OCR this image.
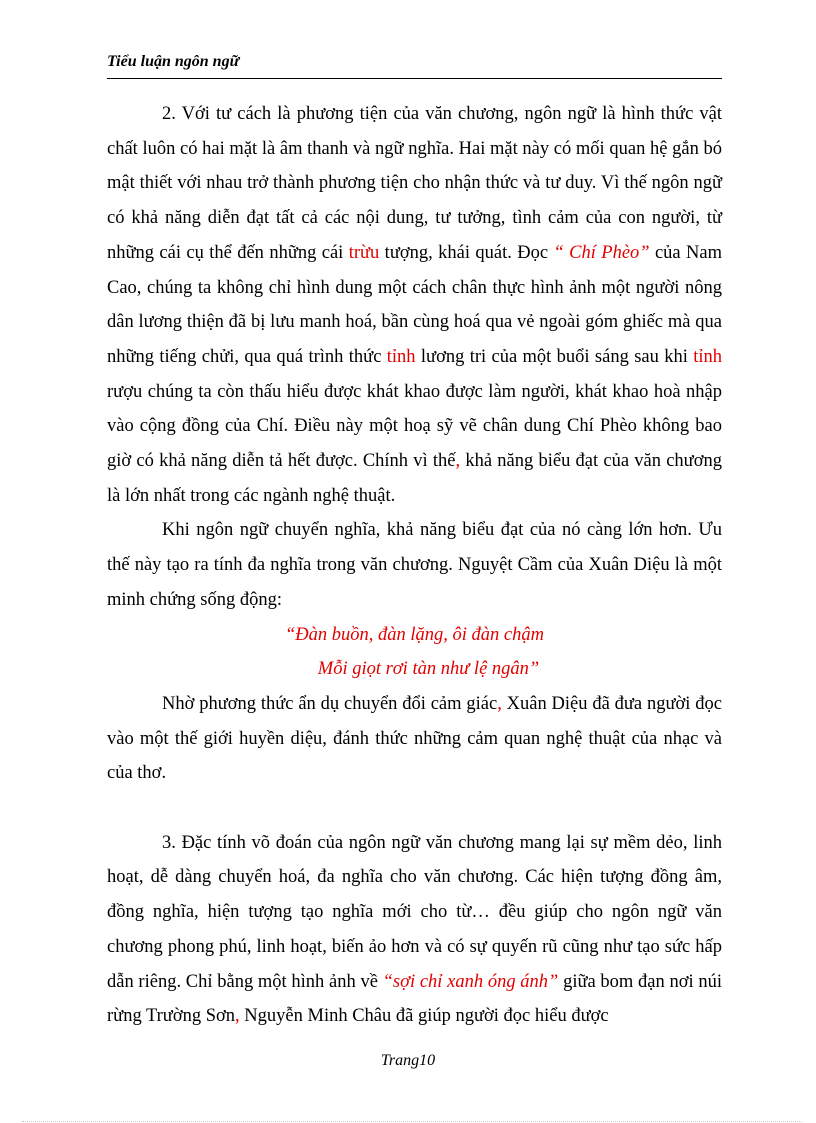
Tiểu luận ngôn ngữ

2. Với tư cách là phương tiện của văn chương, ngôn ngữ là hình thức vật chất luôn có hai mặt là âm thanh và ngữ nghĩa. Hai mặt này có mối quan hệ gắn bó mật thiết với nhau trở thành phương tiện cho nhận thức và tư duy. Vì thế ngôn ngữ có khả năng diễn đạt tất cả các nội dung, tư tưởng, tình cảm của con người, từ những cái cụ thể đến những cái trừu tượng, khái quát. Đọc “ Chí Phèo” của Nam Cao, chúng ta không chỉ hình dung một cách chân thực hình ảnh một người nông dân lương thiện đã bị lưu manh hoá, bần cùng hoá qua vẻ ngoài góm ghiếc mà qua những tiếng chửi, qua quá trình thức tỉnh lương tri của một buổi sáng sau khi tỉnh rượu chúng ta còn thấu hiểu được khát khao được làm người, khát khao hoà nhập vào cộng đồng của Chí. Điều này một hoạ sỹ vẽ chân dung Chí Phèo không bao giờ có khả năng diễn tả hết được. Chính vì thế, khả năng biểu đạt của văn chương là lớn nhất trong các ngành nghệ thuật.

Khi ngôn ngữ chuyển nghĩa, khả năng biểu đạt của nó càng lớn hơn. Ưu thế này tạo ra tính đa nghĩa trong văn chương. Nguyệt Cầm của Xuân Diệu là một minh chứng sống động:

“Đàn buồn, đàn lặng, ôi đàn chậm
Mỗi giọt rơi tàn như lệ ngân”

Nhờ phương thức ẩn dụ chuyển đổi cảm giác, Xuân Diệu đã đưa người đọc vào một thế giới huyền diệu, đánh thức những cảm quan nghệ thuật của nhạc và của thơ.

3. Đặc tính võ đoán của ngôn ngữ văn chương mang lại sự mềm dẻo, linh hoạt, dễ dàng chuyển hoá, đa nghĩa cho văn chương. Các hiện tượng đồng âm, đồng nghĩa, hiện tượng tạo nghĩa mới cho từ… đều giúp cho ngôn ngữ văn chương phong phú, linh hoạt, biến ảo hơn và có sự quyến rũ cũng như tạo sức hấp dẫn riêng. Chỉ bằng một hình ảnh về “sợi chỉ xanh óng ánh” giữa bom đạn nơi núi rừng Trường Sơn, Nguyễn Minh Châu đã giúp người đọc hiểu được

Trang10
